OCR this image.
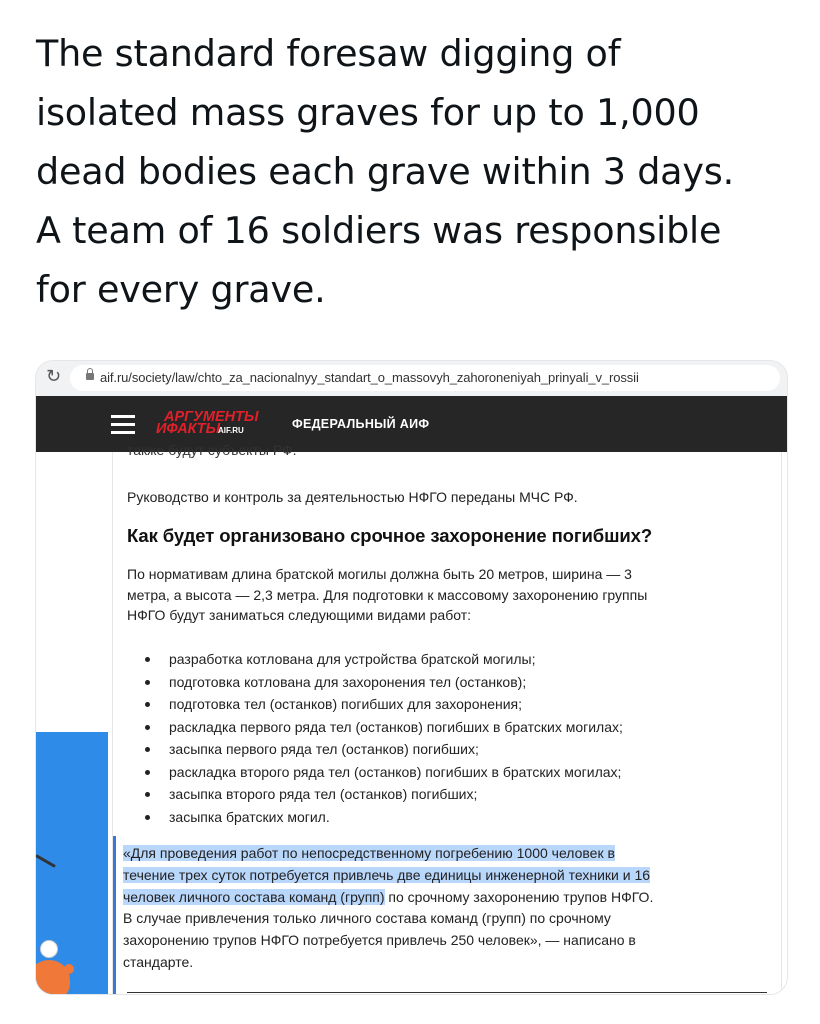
The standard foresaw digging of
isolated mass graves for up to 1,000
dead bodies each grave within 3 days.
A team of 16 soldiers was responsible
for every grave.
↻	aif.ru/society/law/chto_za_nacionalnyy_standart_o_massovyh_zahoroneniyah_prinyali_v_rossii
АРГУМЕНТЫ
ИФАКТЫ
AIF.RU	ФЕДЕРАЛЬНЫЙ АИФ
также будут субъекты РФ.
Руководство и контроль за деятельностью НФГО переданы МЧС РФ.
Как будет организовано срочное захоронение погибших?
По нормативам длина братской могилы должна быть 20 метров, ширина — 3
метра, а высота — 2,3 метра. Для подготовки к массовому захоронению группы
НФГО будут заниматься следующими видами работ:
разработка котлована для устройства братской могилы;
подготовка котлована для захоронения тел (останков);
подготовка тел (останков) погибших для захоронения;
раскладка первого ряда тел (останков) погибших в братских могилах;
засыпка первого ряда тел (останков) погибших;
раскладка второго ряда тел (останков) погибших в братских могилах;
засыпка второго ряда тел (останков) погибших;
засыпка братских могил.
«Для проведения работ по непосредственному погребению 1000 человек в
течение трех суток потребуется привлечь две единицы инженерной техники и 16
человек личного состава команд (групп) по срочному захоронению трупов НФГО.
В случае привлечения только личного состава команд (групп) по срочному
захоронению трупов НФГО потребуется привлечь 250 человек», — написано в
стандарте.
